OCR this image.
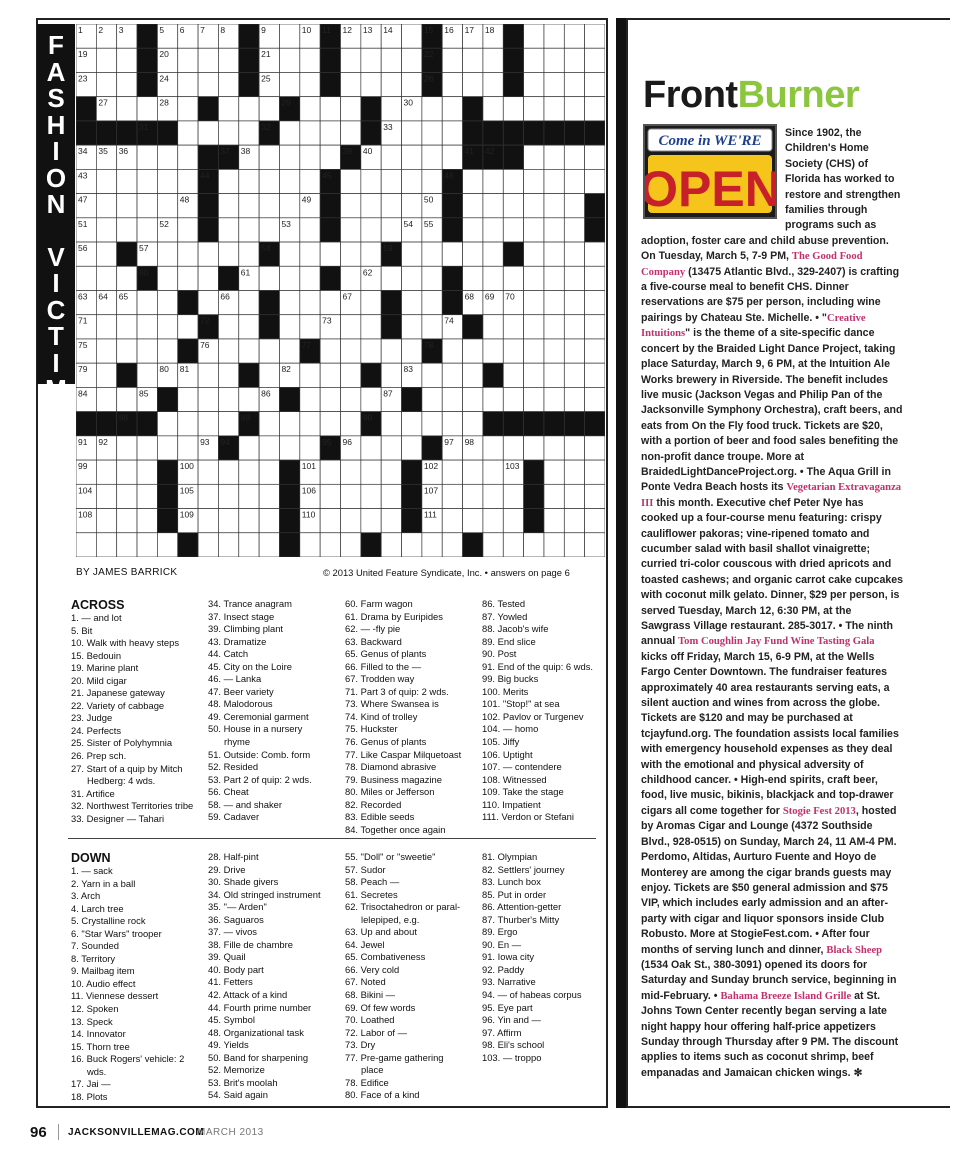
F
A
S
H
I
O
N
V
I
C
T
I
M
1 2 3	5 6 7 8	9	10 11 12 13 14	15 16 17 18
19	20	21	22
23	24	25	26
27	28	29	30
31	32	33
34 35 36	37 38	39 40	41 42
43	44	45	46
47	48	49	50
51	52	53	54 55
56	57	58	59
60	61	62
63 64 65	66	67	68 69 70
71	72	73	74
75	76	77	78
79	80 81	82	83
84	85	86	87
88	89	90
91 92	93 94	95 96	97 98
99	100	101	102	103
104	105	106	107
108	109	110	111
BY JAMES BARRICK	© 2013 United Feature Syndicate, Inc. • answers on page 6
ACROSS
1. — and lot
5. Bit
10. Walk with heavy steps
15. Bedouin
19. Marine plant
20. Mild cigar
21. Japanese gateway
22. Variety of cabbage
23. Judge
24. Perfects
25. Sister of Polyhymnia
26. Prep sch.
27. Start of a quip by Mitch
Hedberg: 4 wds.
31. Artifice
32. Northwest Territories tribe
33. Designer — Tahari
34. Trance anagram
37. Insect stage
39. Climbing plant
43. Dramatize
44. Catch
45. City on the Loire
46. — Lanka
47. Beer variety
48. Malodorous
49. Ceremonial garment
50. House in a nursery
rhyme
51. Outside: Comb. form
52. Resided
53. Part 2 of quip: 2 wds.
56. Cheat
58. — and shaker
59. Cadaver
60. Farm wagon
61. Drama by Euripides
62. — -fly pie
63. Backward
65. Genus of plants
66. Filled to the —
67. Trodden way
71. Part 3 of quip: 2 wds.
73. Where Swansea is
74. Kind of trolley
75. Huckster
76. Genus of plants
77. Like Caspar Milquetoast
78. Diamond abrasive
79. Business magazine
80. Miles or Jefferson
82. Recorded
83. Edible seeds
84. Together once again
86. Tested
87. Yowled
88. Jacob's wife
89. End slice
90. Post
91. End of the quip: 6 wds.
99. Big bucks
100. Merits
101. "Stop!" at sea
102. Pavlov or Turgenev
104. — homo
105. Jiffy
106. Uptight
107. — contendere
108. Witnessed
109. Take the stage
110. Impatient
111. Verdon or Stefani
DOWN
1. — sack
2. Yarn in a ball
3. Arch
4. Larch tree
5. Crystalline rock
6. "Star Wars" trooper
7. Sounded
8. Territory
9. Mailbag item
10. Audio effect
11. Viennese dessert
12. Spoken
13. Speck
14. Innovator
15. Thorn tree
16. Buck Rogers' vehicle: 2
wds.
17. Jai —
18. Plots
28. Half-pint
29. Drive
30. Shade givers
34. Old stringed instrument
35. "— Arden"
36. Saguaros
37. — vivos
38. Fille de chambre
39. Quail
40. Body part
41. Fetters
42. Attack of a kind
44. Fourth prime number
45. Symbol
48. Organizational task
49. Yields
50. Band for sharpening
52. Memorize
53. Brit's moolah
54. Said again
55. "Doll" or "sweetie"
57. Sudor
58. Peach —
61. Secretes
62. Trisoctahedron or paral-
lelepiped, e.g.
63. Up and about
64. Jewel
65. Combativeness
66. Very cold
67. Noted
68. Bikini —
69. Of few words
70. Loathed
72. Labor of —
73. Dry
77. Pre-game gathering
place
78. Edifice
80. Face of a kind
81. Olympian
82. Settlers' journey
83. Lunch box
85. Put in order
86. Attention-getter
87. Thurber's Mitty
89. Ergo
90. En —
91. Iowa city
92. Paddy
93. Narrative
94. — of habeas corpus
95. Eye part
96. Yin and —
97. Affirm
98. Eli's school
103. — troppo
FrontBurner
Come in WE'RE
OPEN
Since 1902, the Children's Home Society (CHS) of Florida has worked to restore and strengthen families through programs such as adoption, foster care and child abuse prevention. On Tuesday, March 5, 7-9 PM, The Good Food Company (13475 Atlantic Blvd., 329-2407) is crafting a five-course meal to benefit CHS. Dinner reservations are $75 per person, including wine pairings by Chateau Ste. Michelle. • "Creative Intuitions" is the theme of a site-specific dance concert by the Braided Light Dance Project, taking place Saturday, March 9, 6 PM, at the Intuition Ale Works brewery in Riverside. The benefit includes live music (Jackson Vegas and Philip Pan of the Jacksonville Symphony Orchestra), craft beers, and eats from On the Fly food truck. Tickets are $20, with a portion of beer and food sales benefiting the non-profit dance troupe. More at BraidedLightDanceProject.org. • The Aqua Grill in Ponte Vedra Beach hosts its Vegetarian Extravaganza III this month. Executive chef Peter Nye has cooked up a four-course menu featuring: crispy cauliflower pakoras; vine-ripened tomato and cucumber salad with basil shallot vinaigrette; curried tri-color couscous with dried apricots and toasted cashews; and organic carrot cake cupcakes with coconut milk gelato. Dinner, $29 per person, is served Tuesday, March 12, 6:30 PM, at the Sawgrass Village restaurant. 285-3017. • The ninth annual Tom Coughlin Jay Fund Wine Tasting Gala kicks off Friday, March 15, 6-9 PM, at the Wells Fargo Center Downtown. The fundraiser features approximately 40 area restaurants serving eats, a silent auction and wines from across the globe. Tickets are $120 and may be purchased at tcjayfund.org. The foundation assists local families with emergency household expenses as they deal with the emotional and physical adversity of childhood cancer. • High-end spirits, craft beer, food, live music, bikinis, blackjack and top-drawer cigars all come together for Stogie Fest 2013, hosted by Aromas Cigar and Lounge (4372 Southside Blvd., 928-0515) on Sunday, March 24, 11 AM-4 PM. Perdomo, Altidas, Aurturo Fuente and Hoyo de Monterey are among the cigar brands guests may enjoy. Tickets are $50 general admission and $75 VIP, which includes early admission and an after-party with cigar and liquor sponsors inside Club Robusto. More at StogieFest.com. • After four months of serving lunch and dinner, Black Sheep (1534 Oak St., 380-3091) opened its doors for Saturday and Sunday brunch service, beginning in mid-February. • Bahama Breeze Island Grille at St. Johns Town Center recently began serving a late night happy hour offering half-price appetizers Sunday through Thursday after 9 PM. The discount applies to items such as coconut shrimp, beef empanadas and Jamaican chicken wings. ✻
96 JACKSONVILLEMAG.COM
MARCH 2013
